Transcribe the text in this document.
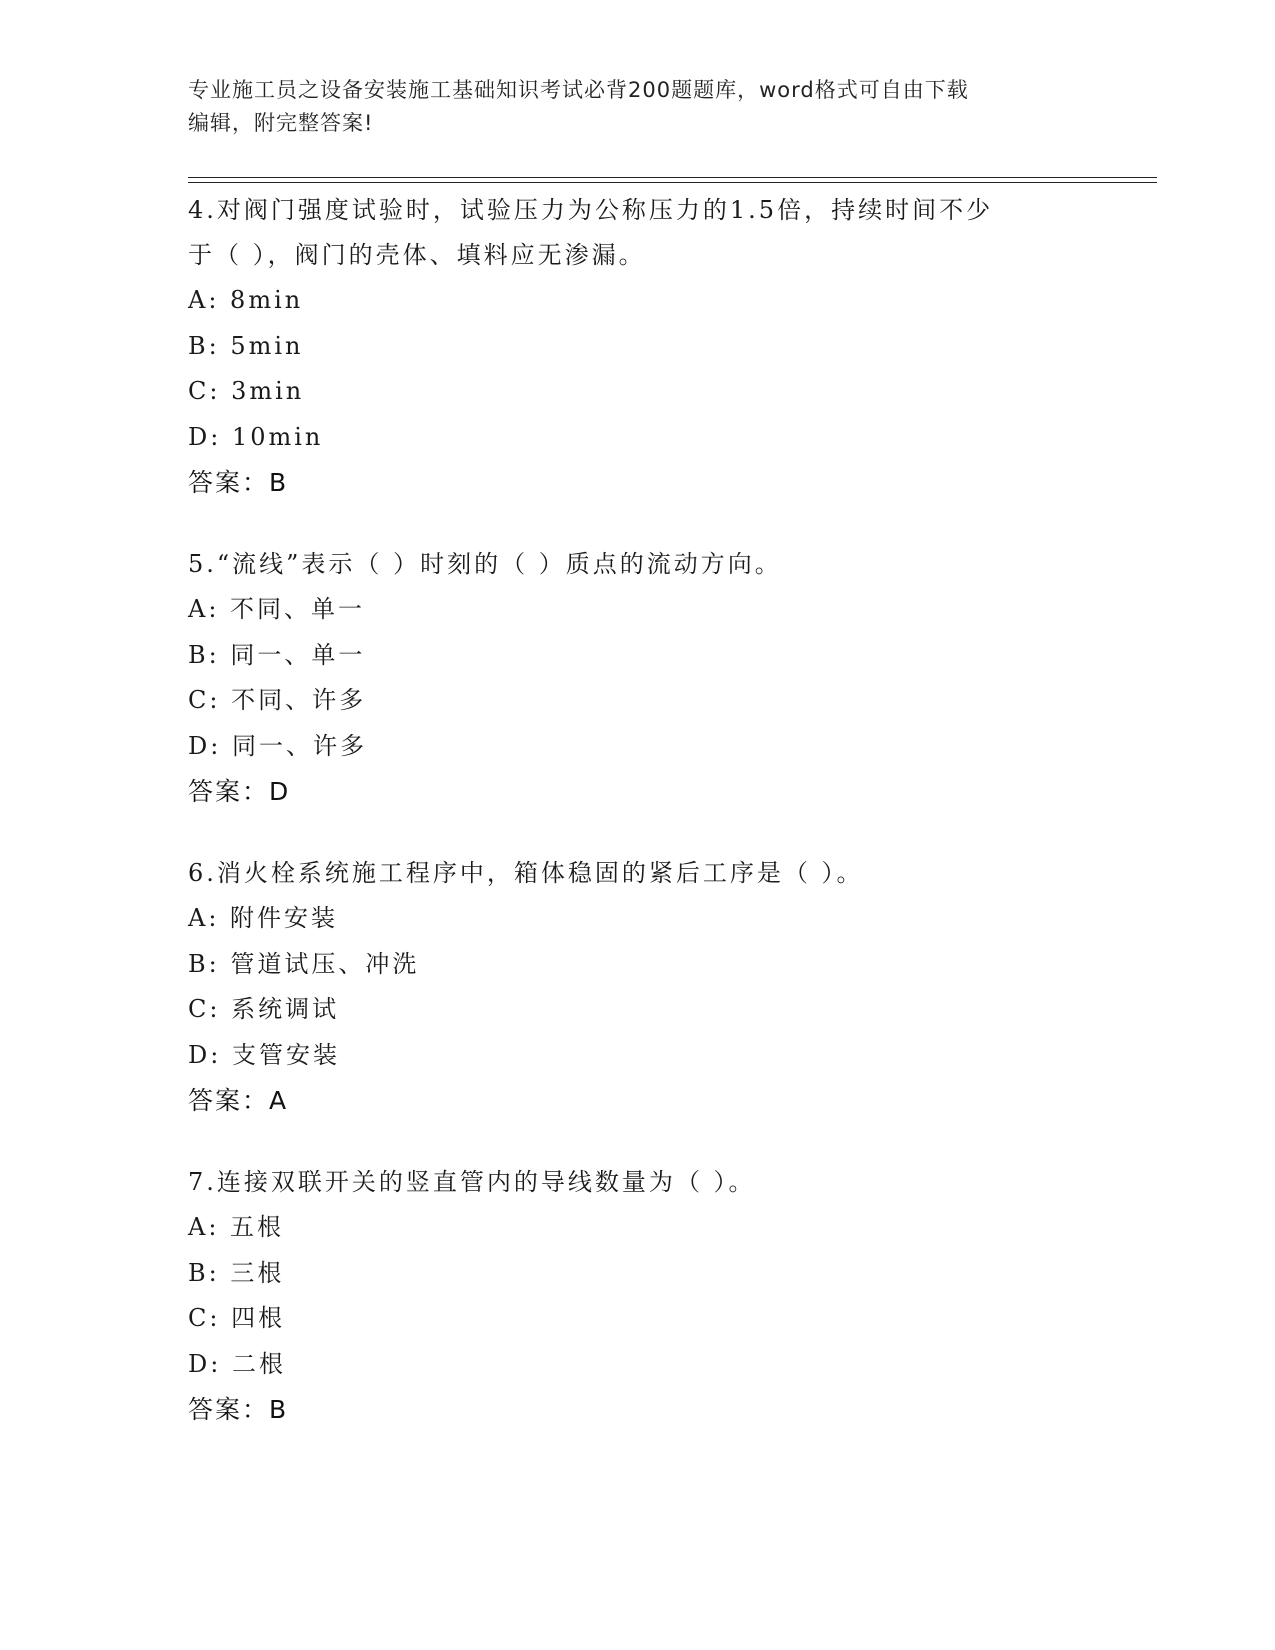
专业施工员之设备安装施工基础知识考试必背200题题库，word格式可自由下载
编辑，附完整答案!

4.对阀门强度试验时，试验压力为公称压力的1.5倍，持续时间不少
于（ ），阀门的壳体、填料应无渗漏。

A: 8min
B: 5min
C: 3min
D: 10min

答案：B

5.“流线”表示（ ）时刻的（ ）质点的流动方向。

A: 不同、单一
B: 同一、单一
C: 不同、许多
D: 同一、许多

答案：D

6.消火栓系统施工程序中，箱体稳固的紧后工序是（ ）。

A: 附件安装
B: 管道试压、冲洗
C: 系统调试
D: 支管安装

答案：A

7.连接双联开关的竖直管内的导线数量为（ ）。

A: 五根
B: 三根
C: 四根
D: 二根

答案：B
